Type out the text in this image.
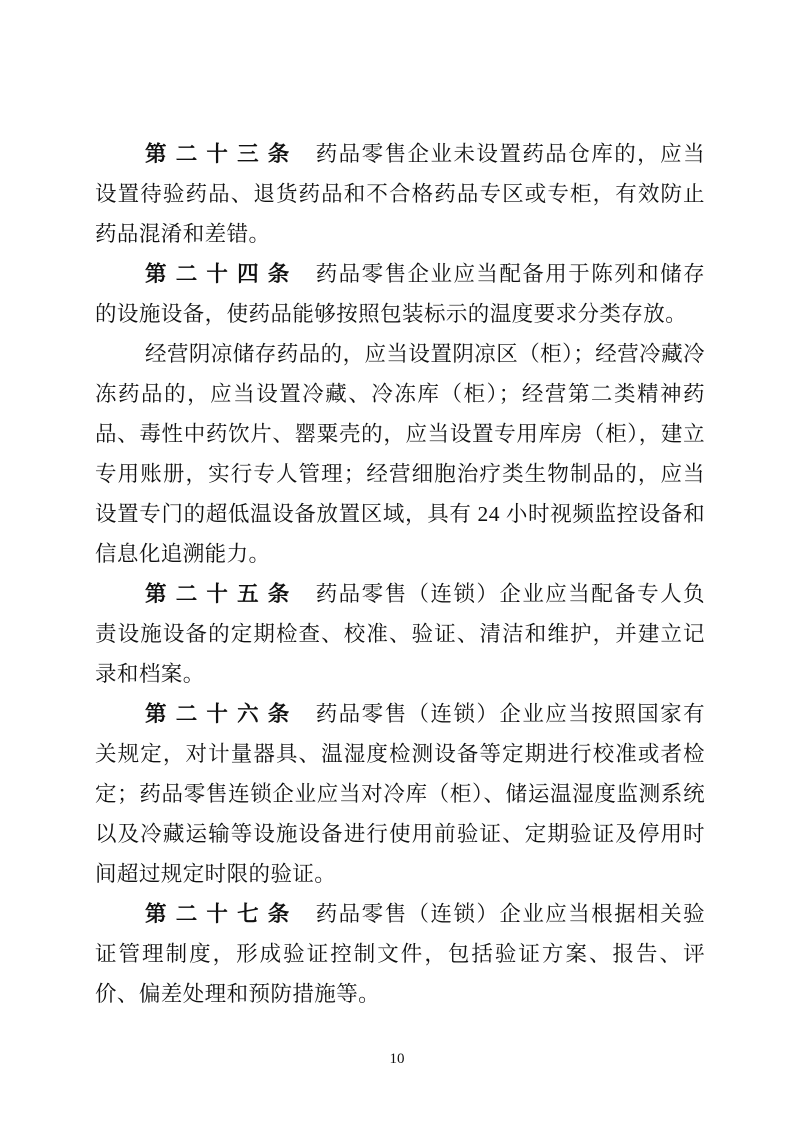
第二十三条 药品零售企业未设置药品仓库的，应当设置待验药品、退货药品和不合格药品专区或专柜，有效防止药品混淆和差错。

第二十四条 药品零售企业应当配备用于陈列和储存的设施设备，使药品能够按照包装标示的温度要求分类存放。

经营阴凉储存药品的，应当设置阴凉区（柜）；经营冷藏冷冻药品的，应当设置冷藏、冷冻库（柜）；经营第二类精神药品、毒性中药饮片、罂粟壳的，应当设置专用库房（柜），建立专用账册，实行专人管理；经营细胞治疗类生物制品的，应当设置专门的超低温设备放置区域，具有 24 小时视频监控设备和信息化追溯能力。

第二十五条 药品零售（连锁）企业应当配备专人负责设施设备的定期检查、校准、验证、清洁和维护，并建立记录和档案。

第二十六条 药品零售（连锁）企业应当按照国家有关规定，对计量器具、温湿度检测设备等定期进行校准或者检定；药品零售连锁企业应当对冷库（柜）、储运温湿度监测系统以及冷藏运输等设施设备进行使用前验证、定期验证及停用时间超过规定时限的验证。

第二十七条 药品零售（连锁）企业应当根据相关验证管理制度，形成验证控制文件，包括验证方案、报告、评价、偏差处理和预防措施等。

10
